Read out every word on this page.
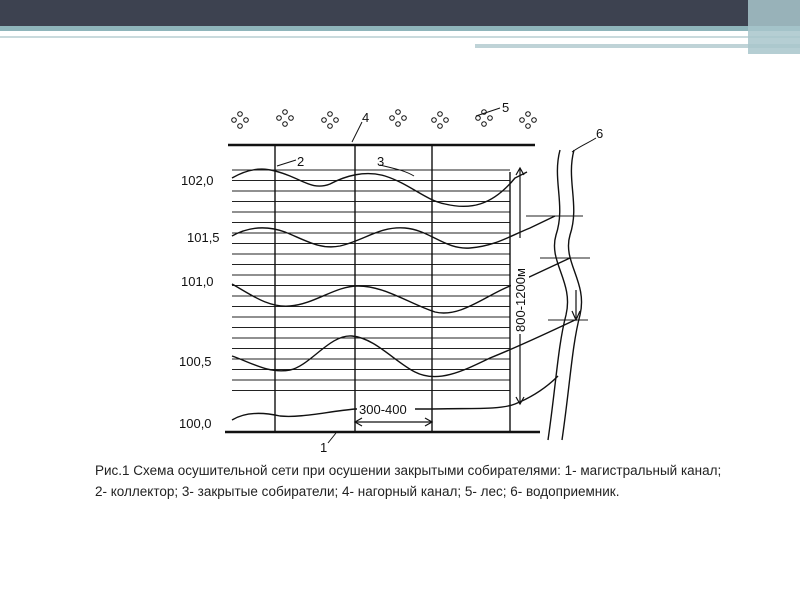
300-400
800-1200м
102,0
101,5
101,0
100,5
100,0
1
2	3
4
5
6
Рис.1 Схема осушительной сети при осушении закрытыми собирателями: 1- магистральный канал; 2- коллектор; 3- закрытые собиратели; 4- нагорный канал; 5- лес; 6- водоприемник.
